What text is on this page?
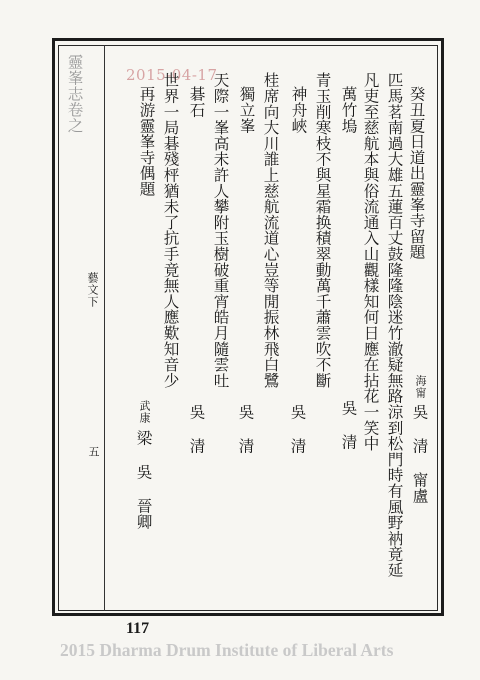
靈峯志卷之
藝文下
五
2015-04-17
癸丑夏日道出靈峯寺留題
匹馬茗南過大雄五蓮百丈鼓隆隆陰迷竹澈疑無路涼到松門時有風野衲竟延
凡吏至慈航本與俗流通入山觀樣知何日應在拈花一笑中
萬竹塢
青玉削寒枝不與星霜换積翠動萬千蕭雲吹不斷
神舟峽
桂席向大川誰上慈航流道心豈等閒振林飛白鷺
獨立峯
天際一峯高未許人攀附玉樹破重宵皓月隨雲吐
碁石
世界一局碁殘枰猶未了抗手竟無人應歎知音少
再游靈峯寺偶題
海甯
吳 清 甯盧
吳 清
吳 清
吳 清
吳 清
武康
梁 吳 晉卿
117
2015 Dharma Drum Institute of Liberal Arts
